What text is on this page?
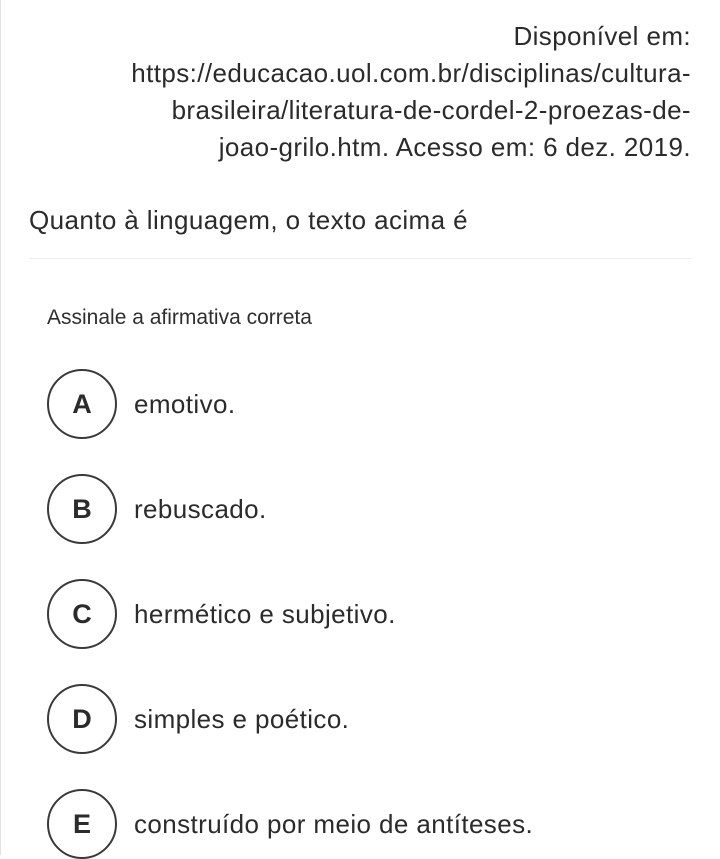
Disponível em:
https://educacao.uol.com.br/disciplinas/cultura-
brasileira/literatura-de-cordel-2-proezas-de-
joao-grilo.htm. Acesso em: 6 dez. 2019.
Quanto à linguagem, o texto acima é
Assinale a afirmativa correta
A	emotivo.
B	rebuscado.
C	hermético e subjetivo.
D	simples e poético.
E	construído por meio de antíteses.
